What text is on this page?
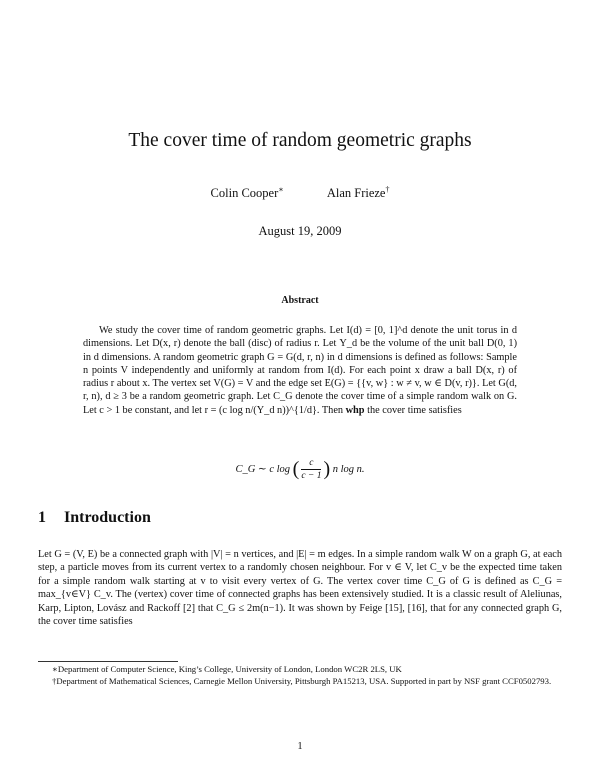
The cover time of random geometric graphs
Colin Cooper∗	Alan Frieze†
August 19, 2009
Abstract

We study the cover time of random geometric graphs. Let I(d) = [0, 1]^d denote the unit torus in d dimensions. Let D(x, r) denote the ball (disc) of radius r. Let Υ_d be the volume of the unit ball D(0, 1) in d dimensions. A random geometric graph G = G(d, r, n) in d dimensions is defined as follows: Sample n points V independently and uniformly at random from I(d). For each point x draw a ball D(x, r) of radius r about x. The vertex set V(G) = V and the edge set E(G) = {{v, w} : w ≠ v, w ∈ D(v, r)}. Let G(d, r, n), d ≥ 3 be a random geometric graph. Let C_G denote the cover time of a simple random walk on G. Let c > 1 be constant, and let r = (c log n/(Υ_d n))^{1/d}. Then whp the cover time satisfies

C_G ∼ c log ( $\frac{c}{c - 1}$ ) n log n.
1 Introduction

Let G = (V, E) be a connected graph with |V| = n vertices, and |E| = m edges. In a simple random walk W on a graph G, at each step, a particle moves from its current vertex to a randomly chosen neighbour. For v ∈ V, let C_v be the expected time taken for a simple random walk starting at v to visit every vertex of G. The vertex cover time C_G of G is defined as C_G = max_{v∈V} C_v. The (vertex) cover time of connected graphs has been extensively studied. It is a classic result of Aleliunas, Karp, Lipton, Lovász and Rackoff [2] that C_G ≤ 2m(n−1). It was shown by Feige [15], [16], that for any connected graph G, the cover time satisfies

∗Department of Computer Science, King’s College, University of London, London WC2R 2LS, UK

†Department of Mathematical Sciences, Carnegie Mellon University, Pittsburgh PA15213, USA. Supported in part by NSF grant CCF0502793.

1
